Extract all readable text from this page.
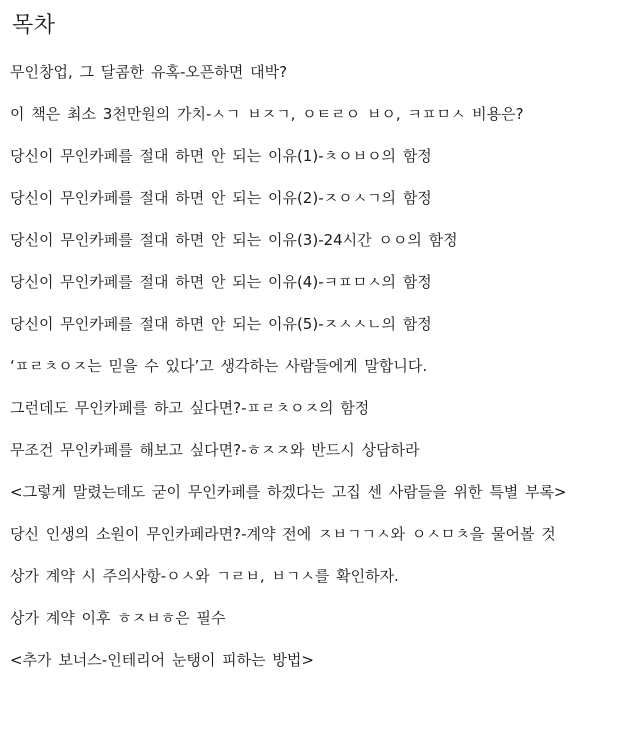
목차
무인창업, 그 달콤한 유혹-오픈하면 대박?
이 책은 최소 3천만원의 가치-ㅅㄱ ㅂㅈㄱ, ㅇㅌㄹㅇ ㅂㅇ, ㅋㅍㅁㅅ 비용은?
당신이 무인카페를 절대 하면 안 되는 이유(1)-ㅊㅇㅂㅇ의 함정
당신이 무인카페를 절대 하면 안 되는 이유(2)-ㅈㅇㅅㄱ의 함정
당신이 무인카페를 절대 하면 안 되는 이유(3)-24시간 ㅇㅇ의 함정
당신이 무인카페를 절대 하면 안 되는 이유(4)-ㅋㅍㅁㅅ의 함정
당신이 무인카페를 절대 하면 안 되는 이유(5)-ㅈㅅㅅㄴ의 함정
‘ㅍㄹㅊㅇㅈ는 믿을 수 있다’고 생각하는 사람들에게 말합니다.
그런데도 무인카페를 하고 싶다면?-ㅍㄹㅊㅇㅈ의 함정
무조건 무인카페를 해보고 싶다면?-ㅎㅈㅈ와 반드시 상담하라
<그렇게 말렸는데도 굳이 무인카페를 하겠다는 고집 센 사람들을 위한 특별 부록>
당신 인생의 소원이 무인카페라면?-계약 전에 ㅈㅂㄱㄱㅅ와 ㅇㅅㅁㅊ을 물어볼 것
상가 계약 시 주의사항-ㅇㅅ와 ㄱㄹㅂ, ㅂㄱㅅ를 확인하자.
상가 계약 이후 ㅎㅈㅂㅎ은 필수
<추가 보너스-인테리어 눈탱이 피하는 방법>
